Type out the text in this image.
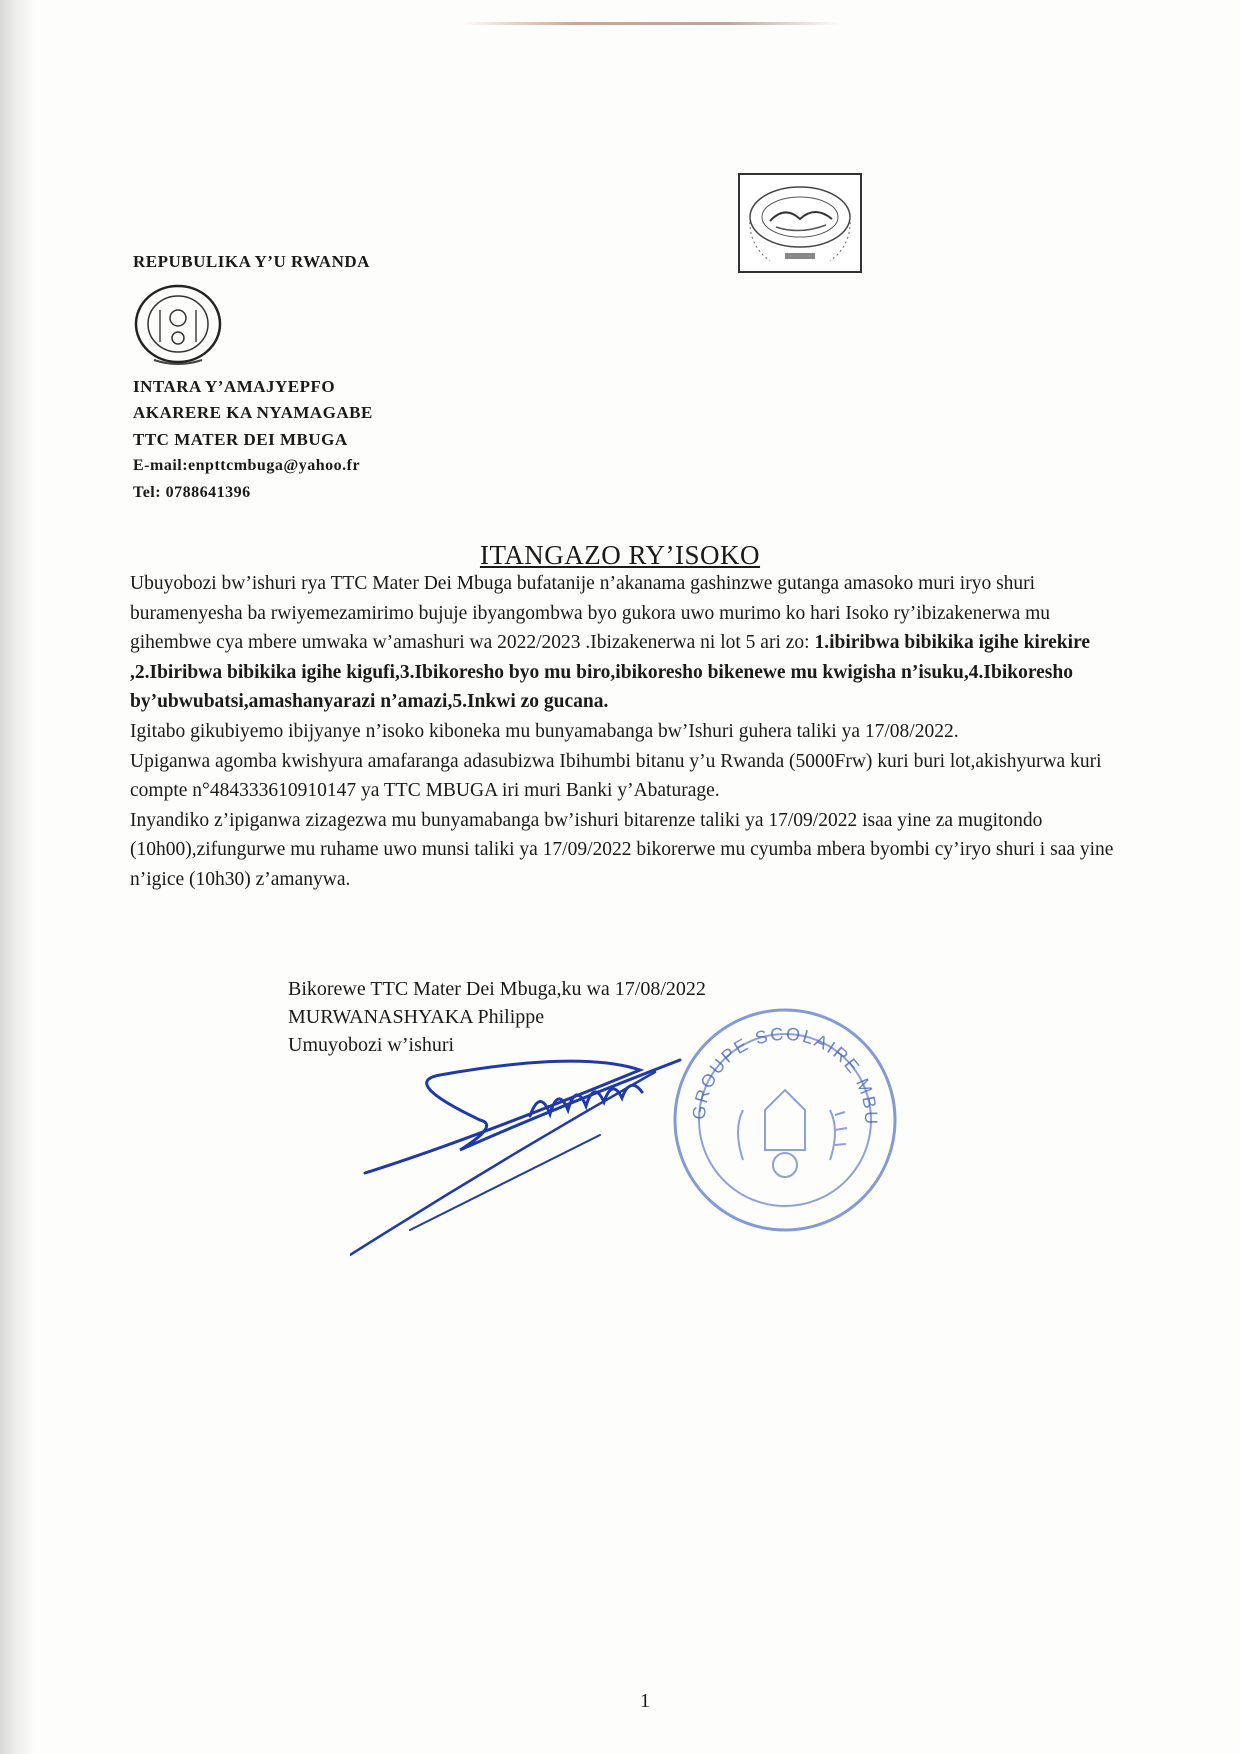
REPUBULIKA Y’U RWANDA
INTARA Y’AMAJYEPFO
AKARERE KA NYAMAGABE
TTC MATER DEI MBUGA
E-mail:enpttcmbuga@yahoo.fr
Tel: 0788641396
ITANGAZO RY’ISOKO

Ubuyobozi bw’ishuri rya TTC Mater Dei Mbuga bufatanije n’akanama gashinzwe gutanga amasoko muri iryo shuri buramenyesha ba rwiyemezamirimo bujuje ibyangombwa byo gukora uwo murimo ko hari Isoko ry’ibizakenerwa mu gihembwe cya mbere umwaka w’amashuri wa 2022/2023 .Ibizakenerwa ni lot 5 ari zo: 1.ibiribwa bibikika igihe kirekire ,2.Ibiribwa bibikika igihe kigufi,3.Ibikoresho byo mu biro,ibikoresho bikenewe mu kwigisha n’isuku,4.Ibikoresho by’ubwubatsi,amashanyarazi n’amazi,5.Inkwi zo gucana.

Igitabo gikubiyemo ibijyanye n’isoko kiboneka mu bunyamabanga bw’Ishuri guhera taliki ya 17/08/2022.

Upiganwa agomba kwishyura amafaranga adasubizwa Ibihumbi bitanu y’u Rwanda (5000Frw) kuri buri lot,akishyurwa kuri compte n°484333610910147 ya TTC MBUGA iri muri Banki y’Abaturage.

Inyandiko z’ipiganwa zizagezwa mu bunyamabanga bw’ishuri bitarenze taliki ya 17/09/2022 isaa yine za mugitondo (10h00),zifungurwe mu ruhame uwo munsi taliki ya 17/09/2022 bikorerwe mu cyumba mbera byombi cy’iryo shuri i saa yine n’igice (10h30) z’amanywa.

Bikorewe TTC Mater Dei Mbuga,ku wa 17/08/2022
MURWANASHYAKA Philippe
Umuyobozi w’ishuri
GROUPE SCOLAIRE MBU
1
